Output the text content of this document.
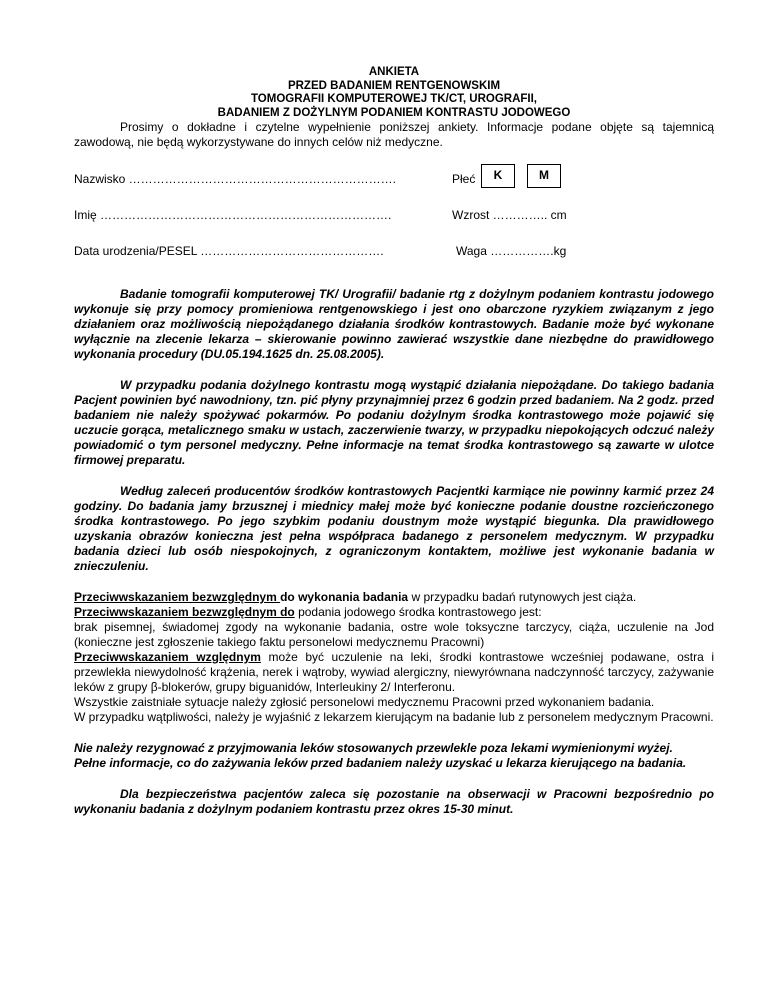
ANKIETA
PRZED BADANIEM RENTGENOWSKIM
TOMOGRAFII KOMPUTEROWEJ TK/CT, UROGRAFII,
BADANIEM Z DOŻYLNYM PODANIEM KONTRASTU JODOWEGO

Prosimy o dokładne i czytelne wypełnienie poniższej ankiety. Informacje podane objęte są tajemnicą zawodową, nie będą wykorzystywane do innych celów niż medyczne.

Nazwisko ………………………………………………………….	Płeć	K	M
Imię ……………………………………………………………….	Wzrost ………….. cm
Data urodzenia/PESEL ……………………………………….	Waga …………….kg

Badanie tomografii komputerowej TK/ Urografii/ badanie rtg z dożylnym podaniem kontrastu jodowego wykonuje się przy pomocy promieniowa rentgenowskiego i jest ono obarczone ryzykiem związanym z jego działaniem oraz możliwością niepożądanego działania środków kontrastowych. Badanie może być wykonane wyłącznie na zlecenie lekarza – skierowanie powinno zawierać wszystkie dane niezbędne do prawidłowego wykonania procedury (DU.05.194.1625 dn. 25.08.2005).

W przypadku podania dożylnego kontrastu mogą wystąpić działania niepożądane. Do takiego badania Pacjent powinien być nawodniony, tzn. pić płyny przynajmniej przez 6 godzin przed badaniem. Na 2 godz. przed badaniem nie należy spożywać pokarmów. Po podaniu dożylnym środka kontrastowego może pojawić się uczucie gorąca, metalicznego smaku w ustach, zaczerwienie twarzy, w przypadku niepokojących odczuć należy powiadomić o tym personel medyczny. Pełne informacje na temat środka kontrastowego są zawarte w ulotce firmowej preparatu.

Według zaleceń producentów środków kontrastowych Pacjentki karmiące nie powinny karmić przez 24 godziny. Do badania jamy brzusznej i miednicy małej może być konieczne podanie doustne rozcieńczonego środka kontrastowego. Po jego szybkim podaniu doustnym może wystąpić biegunka. Dla prawidłowego uzyskania obrazów konieczna jest pełna współpraca badanego z personelem medycznym. W przypadku badania dzieci lub osób niespokojnych, z ograniczonym kontaktem, możliwe jest wykonanie badania w znieczuleniu.

Przeciwwskazaniem bezwzględnym do wykonania badania w przypadku badań rutynowych jest ciąża.

Przeciwwskazaniem bezwzględnym do podania jodowego środka kontrastowego jest:

brak pisemnej, świadomej zgody na wykonanie badania, ostre wole toksyczne tarczycy, ciąża, uczulenie na Jod (konieczne jest zgłoszenie takiego faktu personelowi medycznemu Pracowni)

Przeciwwskazaniem względnym może być uczulenie na leki, środki kontrastowe wcześniej podawane, ostra i przewlekła niewydolność krążenia, nerek i wątroby, wywiad alergiczny, niewyrównana nadczynność tarczycy, zażywanie leków z grupy β-blokerów, grupy biguanidów, Interleukiny 2/ Interferonu.

Wszystkie zaistniałe sytuacje należy zgłosić personelowi medycznemu Pracowni przed wykonaniem badania.

W przypadku wątpliwości, należy je wyjaśnić z lekarzem kierującym na badanie lub z personelem medycznym Pracowni.

Nie należy rezygnować z przyjmowania leków stosowanych przewlekle poza lekami wymienionymi wyżej.

Pełne informacje, co do zażywania leków przed badaniem należy uzyskać u lekarza kierującego na badania.

Dla bezpieczeństwa pacjentów zaleca się pozostanie na obserwacji w Pracowni bezpośrednio po wykonaniu badania z dożylnym podaniem kontrastu przez okres 15-30 minut.
